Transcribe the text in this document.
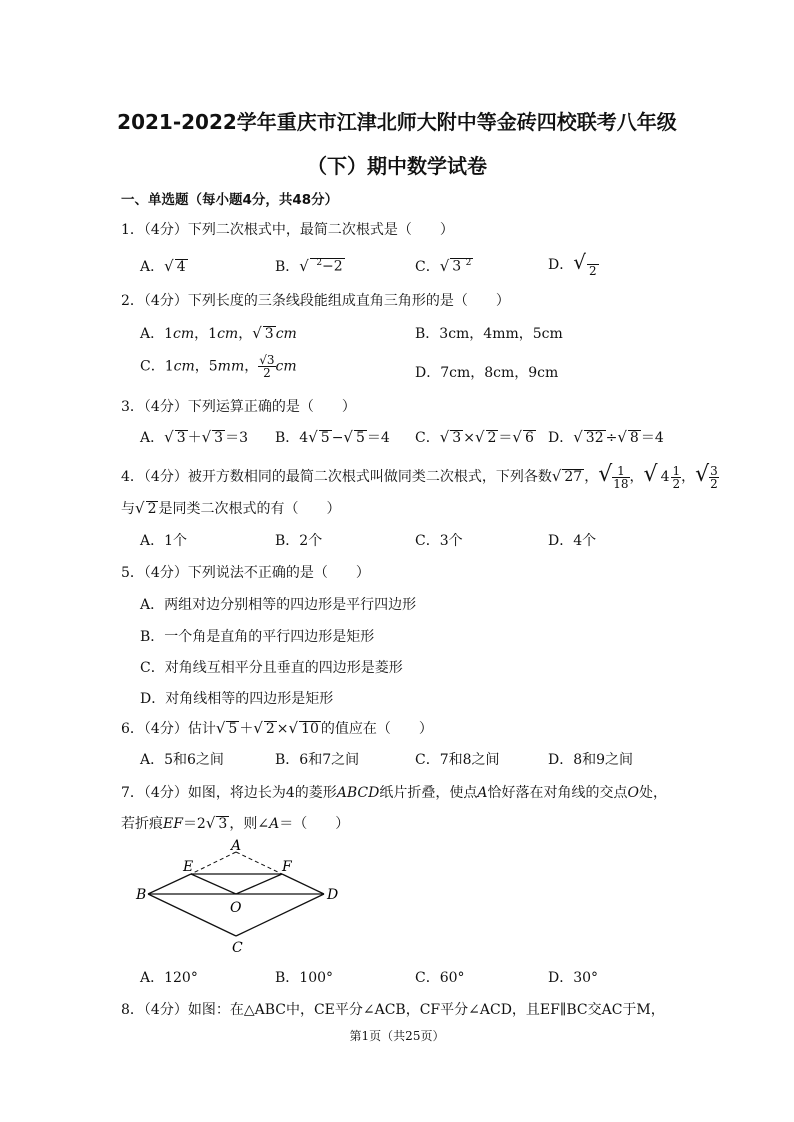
2021-2022学年重庆市江津北师大附中等金砖四校联考八年级
（下）期中数学试卷
一、单选题（每小题4分，共48分）
1．（4分）下列二次根式中，最简二次根式是（　　）
A．√ 4	B．√ $^2$−2	C．√ 3 $^2$	D．√ 2
2．（4分）下列长度的三条线段能组成直角三角形的是（　　）
A．1cm，1cm，√ 3 cm	B．3cm，4mm，5cm
C．1cm，5mm， $\frac{√3}{2}$ cm	D．7cm，8cm，9cm
3．（4分）下列运算正确的是（　　）
A．√ 3 ＋√ 3 ＝3 B．4√ 5 −√ 5 ＝4 C．√ 3 ×√ 2 ＝√ 6 D．√ 32 ÷√ 8 ＝4
4．（4分）被开方数相同的最简二次根式叫做同类二次根式，下列各数√ 27 ，√ $\frac{1}{18}$ ，√ $4 \frac{1}{2}$ ，√ $\frac{3}{2}$
与√ 2 是同类二次根式的有（　　）
A．1个	B．2个	C．3个	D．4个
5．（4分）下列说法不正确的是（　　）
A．两组对边分别相等的四边形是平行四边形
B．一个角是直角的平行四边形是矩形
C．对角线互相平分且垂直的四边形是菱形
D．对角线相等的四边形是矩形
6．（4分）估计√ 5 ＋√ 2 ×√ 10 的值应在（　　）
A．5和6之间	B．6和7之间	C．7和8之间	D．8和9之间
7．（4分）如图，将边长为4的菱形ABCD纸片折叠，使点A恰好落在对角线的交点O处，
若折痕EF＝2√ 3 ，则∠A＝（　　）
A
E	F
B	D
O
C
A．120°	B．100°	C．60°	D．30°
8．（4分）如图：在△ABC中，CE平分∠ACB，CF平分∠ACD，且EF∥BC交AC于M，
第1页（共25页）
